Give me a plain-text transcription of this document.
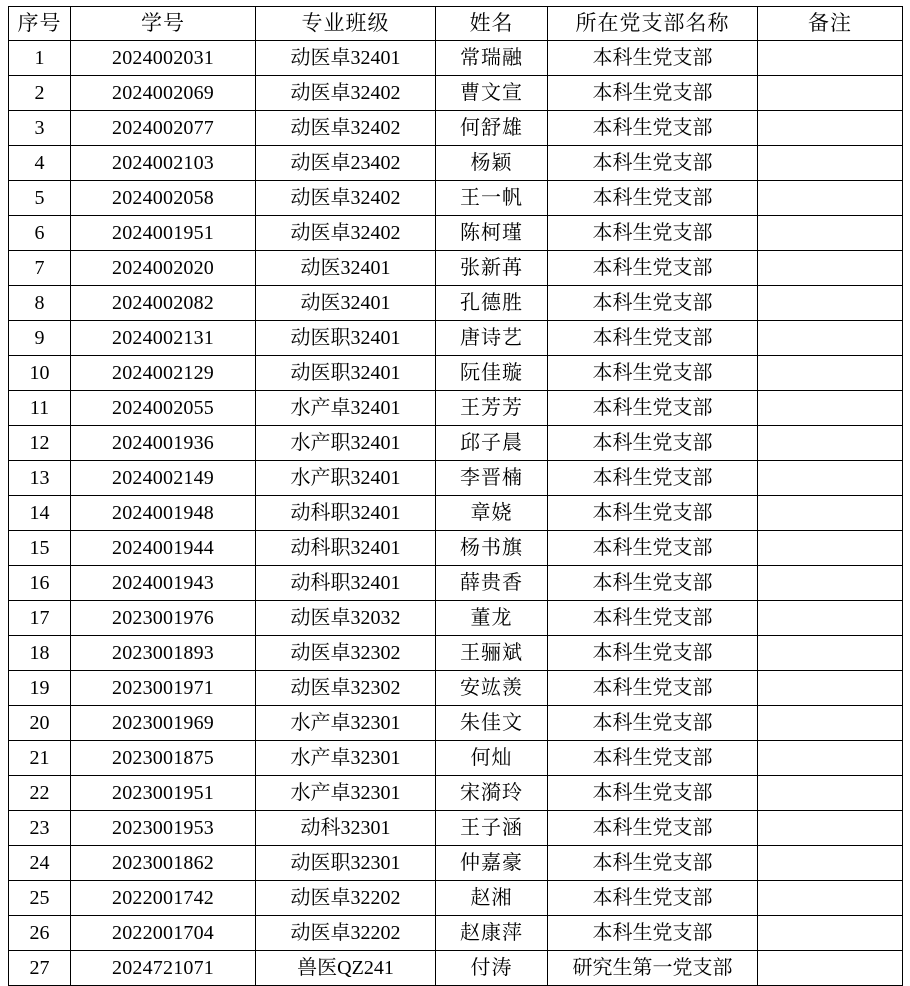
序号	学号	专业班级	姓名	所在党支部名称	备注
1	2024002031	动医卓32401	常瑞融	本科生党支部	
2	2024002069	动医卓32402	曹文宣	本科生党支部	
3	2024002077	动医卓32402	何舒雄	本科生党支部	
4	2024002103	动医卓23402	杨颖	本科生党支部	
5	2024002058	动医卓32402	王一帆	本科生党支部	
6	2024001951	动医卓32402	陈柯瑾	本科生党支部	
7	2024002020	动医32401	张新苒	本科生党支部	
8	2024002082	动医32401	孔德胜	本科生党支部	
9	2024002131	动医职32401	唐诗艺	本科生党支部	
10	2024002129	动医职32401	阮佳璇	本科生党支部	
11	2024002055	水产卓32401	王芳芳	本科生党支部	
12	2024001936	水产职32401	邱子晨	本科生党支部	
13	2024002149	水产职32401	李晋楠	本科生党支部	
14	2024001948	动科职32401	章娆	本科生党支部	
15	2024001944	动科职32401	杨书旗	本科生党支部	
16	2024001943	动科职32401	薛贵香	本科生党支部	
17	2023001976	动医卓32032	董龙	本科生党支部	
18	2023001893	动医卓32302	王骊斌	本科生党支部	
19	2023001971	动医卓32302	安竑羡	本科生党支部	
20	2023001969	水产卓32301	朱佳文	本科生党支部	
21	2023001875	水产卓32301	何灿	本科生党支部	
22	2023001951	水产卓32301	宋漪玲	本科生党支部	
23	2023001953	动科32301	王子涵	本科生党支部	
24	2023001862	动医职32301	仲嘉豪	本科生党支部	
25	2022001742	动医卓32202	赵湘	本科生党支部	
26	2022001704	动医卓32202	赵康萍	本科生党支部	
27	2024721071	兽医QZ241	付涛	研究生第一党支部	
